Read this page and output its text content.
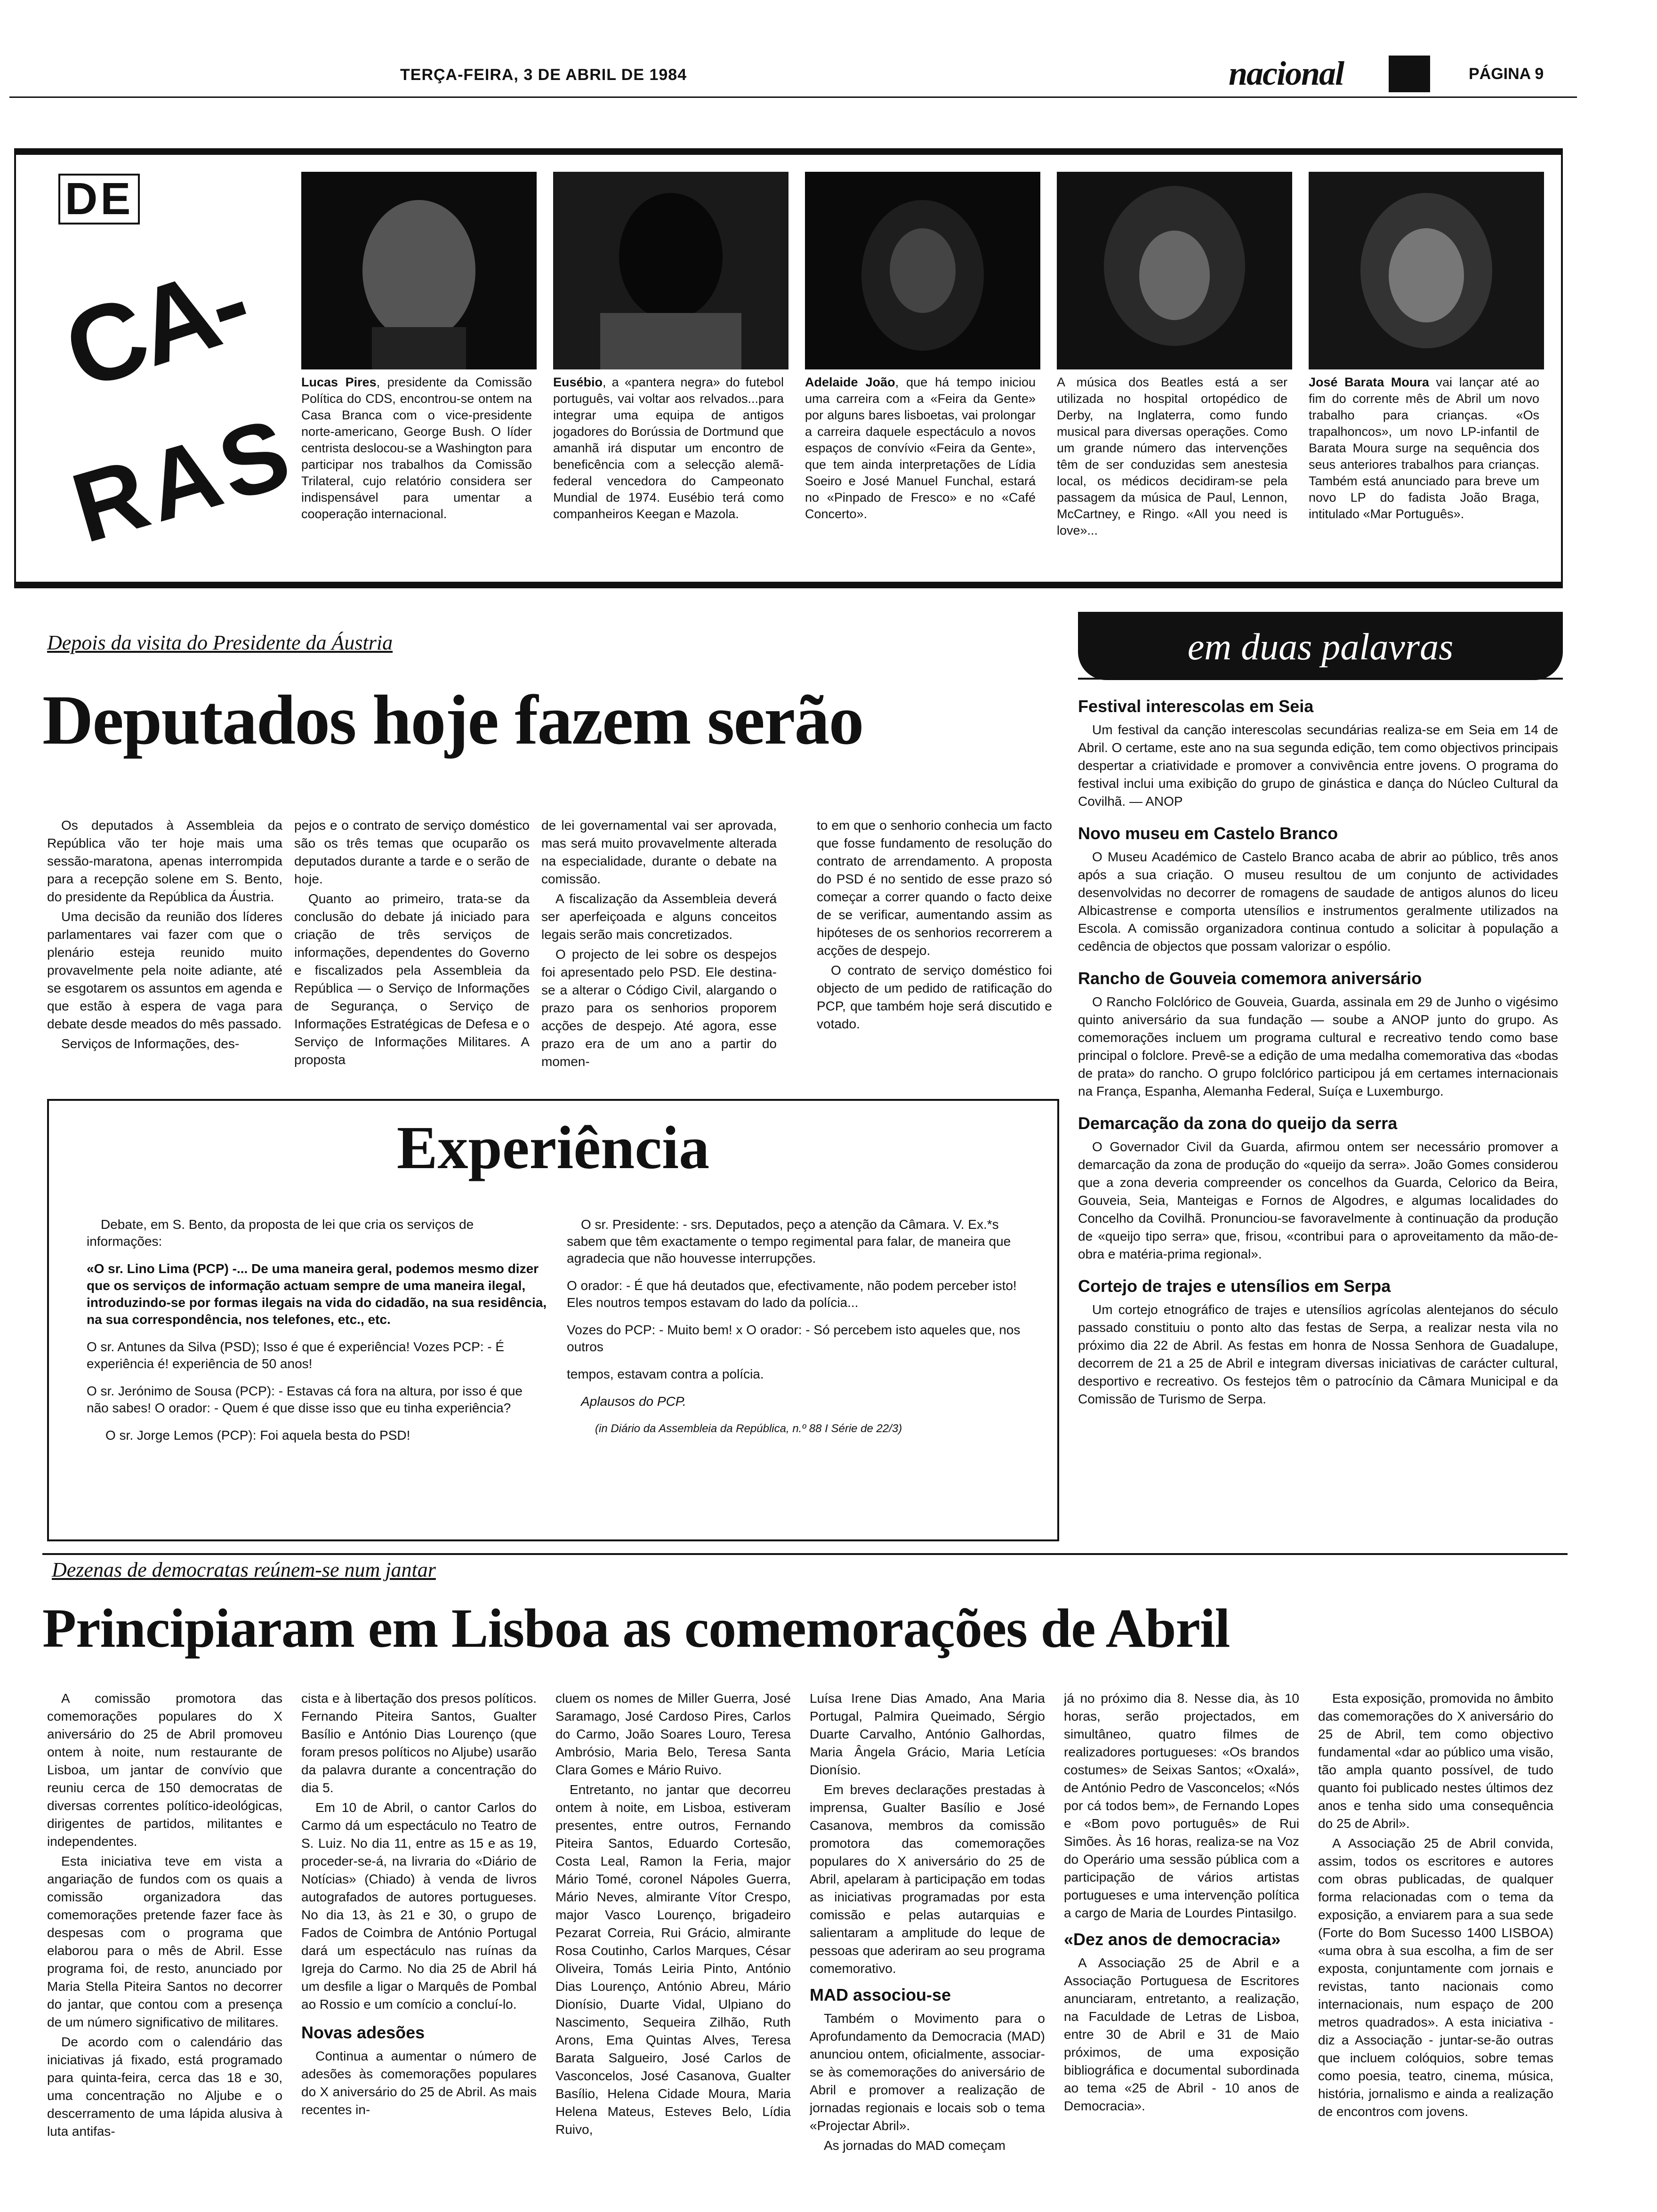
TERÇA-FEIRA, 3 DE ABRIL DE 1984	nacional	PÁGINA 9
DE
CA-
RAS
Lucas Pires, presidente da Comissão Política do CDS, encontrou-se ontem na Casa Branca com o vice-presidente norte-americano, George Bush. O líder centrista deslocou-se a Washington para participar nos trabalhos da Comissão Trilateral, cujo relatório considera ser indispensável para umentar a cooperação internacional.
Eusébio, a «pantera negra» do futebol português, vai voltar aos relvados...para integrar uma equipa de antigos jogadores do Borússia de Dortmund que amanhã irá disputar um encontro de beneficência com a selecção alemã-federal vencedora do Campeonato Mundial de 1974. Eusébio terá como companheiros Keegan e Mazola.
Adelaide João, que há tempo iniciou uma carreira com a «Feira da Gente» por alguns bares lisboetas, vai prolongar a carreira daquele espectáculo a novos espaços de convívio «Feira da Gente», que tem ainda interpretações de Lídia Soeiro e José Manuel Funchal, estará no «Pinpado de Fresco» e no «Café Concerto».
A música dos Beatles está a ser utilizada no hospital ortopédico de Derby, na Inglaterra, como fundo musical para diversas operações. Como um grande número das intervenções têm de ser conduzidas sem anestesia local, os médicos decidiram-se pela passagem da música de Paul, Lennon, McCartney, e Ringo. «All you need is love»...
José Barata Moura vai lançar até ao fim do corrente mês de Abril um novo trabalho para crianças. «Os trapalhoncos», um novo LP-infantil de Barata Moura surge na sequência dos seus anteriores trabalhos para crianças. Também está anunciado para breve um novo LP do fadista João Braga, intitulado «Mar Português».
Depois da visita do Presidente da Áustria
Deputados hoje fazem serão

Os deputados à Assembleia da República vão ter hoje mais uma sessão-maratona, apenas interrompida para a recepção solene em S. Bento, do presidente da República da Áustria.

Uma decisão da reunião dos líderes parlamentares vai fazer com que o plenário esteja reunido muito provavelmente pela noite adiante, até se esgotarem os assuntos em agenda e que estão à espera de vaga para debate desde meados do mês passado.

Serviços de Informações, des-

pejos e o contrato de serviço doméstico são os três temas que ocuparão os deputados durante a tarde e o serão de hoje.

Quanto ao primeiro, trata-se da conclusão do debate já iniciado para criação de três serviços de informações, dependentes do Governo e fiscalizados pela Assembleia da República — o Serviço de Informações de Segurança, o Serviço de Informações Estratégicas de Defesa e o Serviço de Informações Militares. A proposta

de lei governamental vai ser aprovada, mas será muito provavelmente alterada na especialidade, durante o debate na comissão.

A fiscalização da Assembleia deverá ser aperfeiçoada e alguns conceitos legais serão mais concretizados.

O projecto de lei sobre os despejos foi apresentado pelo PSD. Ele destina-se a alterar o Código Civil, alargando o prazo para os senhorios proporem acções de despejo. Até agora, esse prazo era de um ano a partir do momen-

to em que o senhorio conhecia um facto que fosse fundamento de resolução do contrato de arrendamento. A proposta do PSD é no sentido de esse prazo só começar a correr quando o facto deixe de se verificar, aumentando assim as hipóteses de os senhorios recorrerem a acções de despejo.

O contrato de serviço doméstico foi objecto de um pedido de ratificação do PCP, que também hoje será discutido e votado.

Experiência

Debate, em S. Bento, da proposta de lei que cria os serviços de informações:

«O sr. Lino Lima (PCP) -... De uma maneira geral, podemos mesmo dizer que os serviços de informação actuam sempre de uma maneira ilegal, introduzindo-se por formas ilegais na vida do cidadão, na sua residência, na sua correspondência, nos telefones, etc., etc.

O sr. Antunes da Silva (PSD); Isso é que é experiência! Vozes PCP: - É experiência é! experiência de 50 anos!

O sr. Jerónimo de Sousa (PCP): - Estavas cá fora na altura, por isso é que não sabes! O orador: - Quem é que disse isso que eu tinha experiência?

O sr. Jorge Lemos (PCP): Foi aquela besta do PSD!

O sr. Presidente: - srs. Deputados, peço a atenção da Câmara. V. Ex.*s sabem que têm exactamente o tempo regimental para falar, de maneira que agradecia que não houvesse interrupções.

O orador: - É que há deutados que, efectivamente, não podem perceber isto! Eles noutros tempos estavam do lado da polícia...

Vozes do PCP: - Muito bem! x O orador: - Só percebem isto aqueles que, nos outros

tempos, estavam contra a polícia.

Aplausos do PCP.

(in Diário da Assembleia da República, n.º 88 I Série de 22/3)

em duas palavras
Festival interescolas em Seia

Um festival da canção interescolas secundárias realiza-se em Seia em 14 de Abril. O certame, este ano na sua segunda edição, tem como objectivos principais despertar a criatividade e promover a convivência entre jovens. O programa do festival inclui uma exibição do grupo de ginástica e dança do Núcleo Cultural da Covilhã. — ANOP

Novo museu em Castelo Branco

O Museu Académico de Castelo Branco acaba de abrir ao público, três anos após a sua criação. O museu resultou de um conjunto de actividades desenvolvidas no decorrer de romagens de saudade de antigos alunos do liceu Albicastrense e comporta utensílios e instrumentos geralmente utilizados na Escola. A comissão organizadora continua contudo a solicitar à população a cedência de objectos que possam valorizar o espólio.

Rancho de Gouveia comemora aniversário

O Rancho Folclórico de Gouveia, Guarda, assinala em 29 de Junho o vigésimo quinto aniversário da sua fundação — soube a ANOP junto do grupo. As comemorações incluem um programa cultural e recreativo tendo como base principal o folclore. Prevê-se a edição de uma medalha comemorativa das «bodas de prata» do rancho. O grupo folclórico participou já em certames internacionais na França, Espanha, Alemanha Federal, Suíça e Luxemburgo.

Demarcação da zona do queijo da serra

O Governador Civil da Guarda, afirmou ontem ser necessário promover a demarcação da zona de produção do «queijo da serra». João Gomes considerou que a zona deveria compreender os concelhos da Guarda, Celorico da Beira, Gouveia, Seia, Manteigas e Fornos de Algodres, e algumas localidades do Concelho da Covilhã. Pronunciou-se favoravelmente à continuação da produção de «queijo tipo serra» que, frisou, «contribui para o aproveitamento da mão-de-obra e matéria-prima regional».

Cortejo de trajes e utensílios em Serpa

Um cortejo etnográfico de trajes e utensílios agrícolas alentejanos do século passado constituiu o ponto alto das festas de Serpa, a realizar nesta vila no próximo dia 22 de Abril. As festas em honra de Nossa Senhora de Guadalupe, decorrem de 21 a 25 de Abril e integram diversas iniciativas de carácter cultural, desportivo e recreativo. Os festejos têm o patrocínio da Câmara Municipal e da Comissão de Turismo de Serpa.

Dezenas de democratas reúnem-se num jantar
Principiaram em Lisboa as comemorações de Abril

A comissão promotora das comemorações populares do X aniversário do 25 de Abril promoveu ontem à noite, num restaurante de Lisboa, um jantar de convívio que reuniu cerca de 150 democratas de diversas correntes político-ideológicas, dirigentes de partidos, militantes e independentes.

Esta iniciativa teve em vista a angariação de fundos com os quais a comissão organizadora das comemorações pretende fazer face às despesas com o programa que elaborou para o mês de Abril. Esse programa foi, de resto, anunciado por Maria Stella Piteira Santos no decorrer do jantar, que contou com a presença de um número significativo de militares.

De acordo com o calendário das iniciativas já fixado, está programado para quinta-feira, cerca das 18 e 30, uma concentração no Aljube e o descerramento de uma lápida alusiva à luta antifas-

cista e à libertação dos presos políticos. Fernando Piteira Santos, Gualter Basílio e António Dias Lourenço (que foram presos políticos no Aljube) usarão da palavra durante a concentração do dia 5.

Em 10 de Abril, o cantor Carlos do Carmo dá um espectáculo no Teatro de S. Luiz. No dia 11, entre as 15 e as 19, proceder-se-á, na livraria do «Diário de Notícias» (Chiado) à venda de livros autografados de autores portugueses. No dia 13, às 21 e 30, o grupo de Fados de Coimbra de António Portugal dará um espectáculo nas ruínas da Igreja do Carmo. No dia 25 de Abril há um desfile a ligar o Marquês de Pombal ao Rossio e um comício a concluí-lo.

Novas adesões

Continua a aumentar o número de adesões às comemorações populares do X aniversário do 25 de Abril. As mais recentes in-

cluem os nomes de Miller Guerra, José Saramago, José Cardoso Pires, Carlos do Carmo, João Soares Louro, Teresa Ambrósio, Maria Belo, Teresa Santa Clara Gomes e Mário Ruivo.

Entretanto, no jantar que decorreu ontem à noite, em Lisboa, estiveram presentes, entre outros, Fernando Piteira Santos, Eduardo Cortesão, Costa Leal, Ramon la Feria, major Mário Tomé, coronel Nápoles Guerra, Mário Neves, almirante Vítor Crespo, major Vasco Lourenço, brigadeiro Pezarat Correia, Rui Grácio, almirante Rosa Coutinho, Carlos Marques, César Oliveira, Tomás Leiria Pinto, António Dias Lourenço, António Abreu, Mário Dionísio, Duarte Vidal, Ulpiano do Nascimento, Sequeira Zilhão, Ruth Arons, Ema Quintas Alves, Teresa Barata Salgueiro, José Carlos de Vasconcelos, José Casanova, Gualter Basílio, Helena Cidade Moura, Maria Helena Mateus, Esteves Belo, Lídia Ruivo,

Luísa Irene Dias Amado, Ana Maria Portugal, Palmira Queimado, Sérgio Duarte Carvalho, António Galhordas, Maria Ângela Grácio, Maria Letícia Dionísio.

Em breves declarações prestadas à imprensa, Gualter Basílio e José Casanova, membros da comissão promotora das comemorações populares do X aniversário do 25 de Abril, apelaram à participação em todas as iniciativas programadas por esta comissão e pelas autarquias e salientaram a amplitude do leque de pessoas que aderiram ao seu programa comemorativo.

MAD associou-se

Também o Movimento para o Aprofundamento da Democracia (MAD) anunciou ontem, oficialmente, associar-se às comemorações do aniversário de Abril e promover a realização de jornadas regionais e locais sob o tema «Projectar Abril».

As jornadas do MAD começam

já no próximo dia 8. Nesse dia, às 10 horas, serão projectados, em simultâneo, quatro filmes de realizadores portugueses: «Os brandos costumes» de Seixas Santos; «Oxalá», de António Pedro de Vasconcelos; «Nós por cá todos bem», de Fernando Lopes e «Bom povo português» de Rui Simões. Às 16 horas, realiza-se na Voz do Operário uma sessão pública com a participação de vários artistas portugueses e uma intervenção política a cargo de Maria de Lourdes Pintasilgo.

«Dez anos de democracia»

A Associação 25 de Abril e a Associação Portuguesa de Escritores anunciaram, entretanto, a realização, na Faculdade de Letras de Lisboa, entre 30 de Abril e 31 de Maio próximos, de uma exposição bibliográfica e documental subordinada ao tema «25 de Abril - 10 anos de Democracia».

Esta exposição, promovida no âmbito das comemorações do X aniversário do 25 de Abril, tem como objectivo fundamental «dar ao público uma visão, tão ampla quanto possível, de tudo quanto foi publicado nestes últimos dez anos e tenha sido uma consequência do 25 de Abril».

A Associação 25 de Abril convida, assim, todos os escritores e autores com obras publicadas, de qualquer forma relacionadas com o tema da exposição, a enviarem para a sua sede (Forte do Bom Sucesso 1400 LISBOA) «uma obra à sua escolha, a fim de ser exposta, conjuntamente com jornais e revistas, tanto nacionais como internacionais, num espaço de 200 metros quadrados». A esta iniciativa - diz a Associação - juntar-se-ão outras que incluem colóquios, sobre temas como poesia, teatro, cinema, música, história, jornalismo e ainda a realização de encontros com jovens.
